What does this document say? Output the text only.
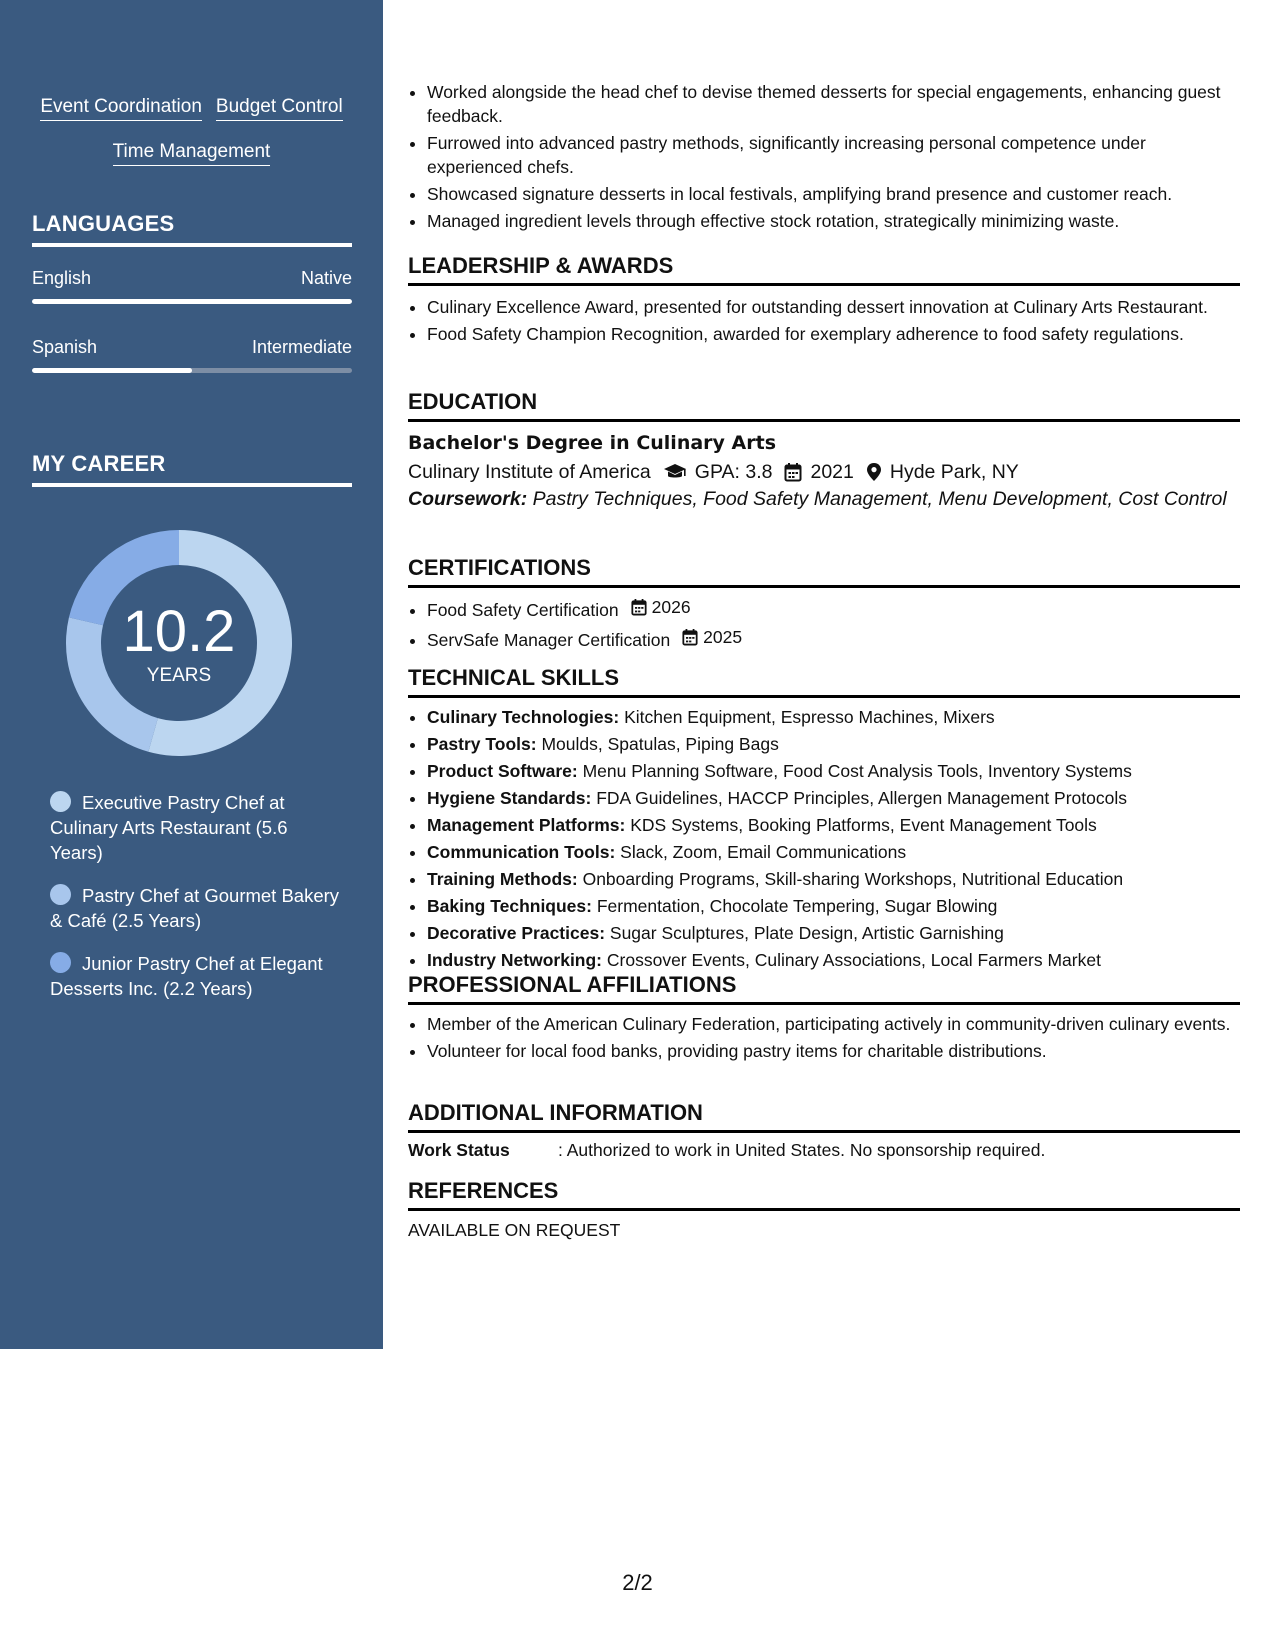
Event Coordination Budget Control
Time Management
LANGUAGES
English	Native
Spanish	Intermediate
MY CAREER
10.2
YEARS
Executive Pastry Chef at Culinary Arts Restaurant (5.6 Years)
Pastry Chef at Gourmet Bakery & Café (2.5 Years)
Junior Pastry Chef at Elegant Desserts Inc. (2.2 Years)
• Worked alongside the head chef to devise themed desserts for special engagements, enhancing guest feedback.
• Furrowed into advanced pastry methods, significantly increasing personal competence under experienced chefs.
• Showcased signature desserts in local festivals, amplifying brand presence and customer reach.
• Managed ingredient levels through effective stock rotation, strategically minimizing waste.
LEADERSHIP & AWARDS
• Culinary Excellence Award, presented for outstanding dessert innovation at Culinary Arts Restaurant.
• Food Safety Champion Recognition, awarded for exemplary adherence to food safety regulations.
EDUCATION
Bachelor's Degree in Culinary Arts
Culinary Institute of America GPA: 3.8 2021 Hyde Park, NY
Coursework: Pastry Techniques, Food Safety Management, Menu Development, Cost Control
CERTIFICATIONS
• Food Safety Certification 2026
• ServSafe Manager Certification 2025
TECHNICAL SKILLS
• Culinary Technologies: Kitchen Equipment, Espresso Machines, Mixers
• Pastry Tools: Moulds, Spatulas, Piping Bags
• Product Software: Menu Planning Software, Food Cost Analysis Tools, Inventory Systems
• Hygiene Standards: FDA Guidelines, HACCP Principles, Allergen Management Protocols
• Management Platforms: KDS Systems, Booking Platforms, Event Management Tools
• Communication Tools: Slack, Zoom, Email Communications
• Training Methods: Onboarding Programs, Skill-sharing Workshops, Nutritional Education
• Baking Techniques: Fermentation, Chocolate Tempering, Sugar Blowing
• Decorative Practices: Sugar Sculptures, Plate Design, Artistic Garnishing
• Industry Networking: Crossover Events, Culinary Associations, Local Farmers Market
PROFESSIONAL AFFILIATIONS
• Member of the American Culinary Federation, participating actively in community-driven culinary events.
• Volunteer for local food banks, providing pastry items for charitable distributions.
ADDITIONAL INFORMATION
Work Status	: Authorized to work in United States. No sponsorship required.
REFERENCES
AVAILABLE ON REQUEST
2/2
